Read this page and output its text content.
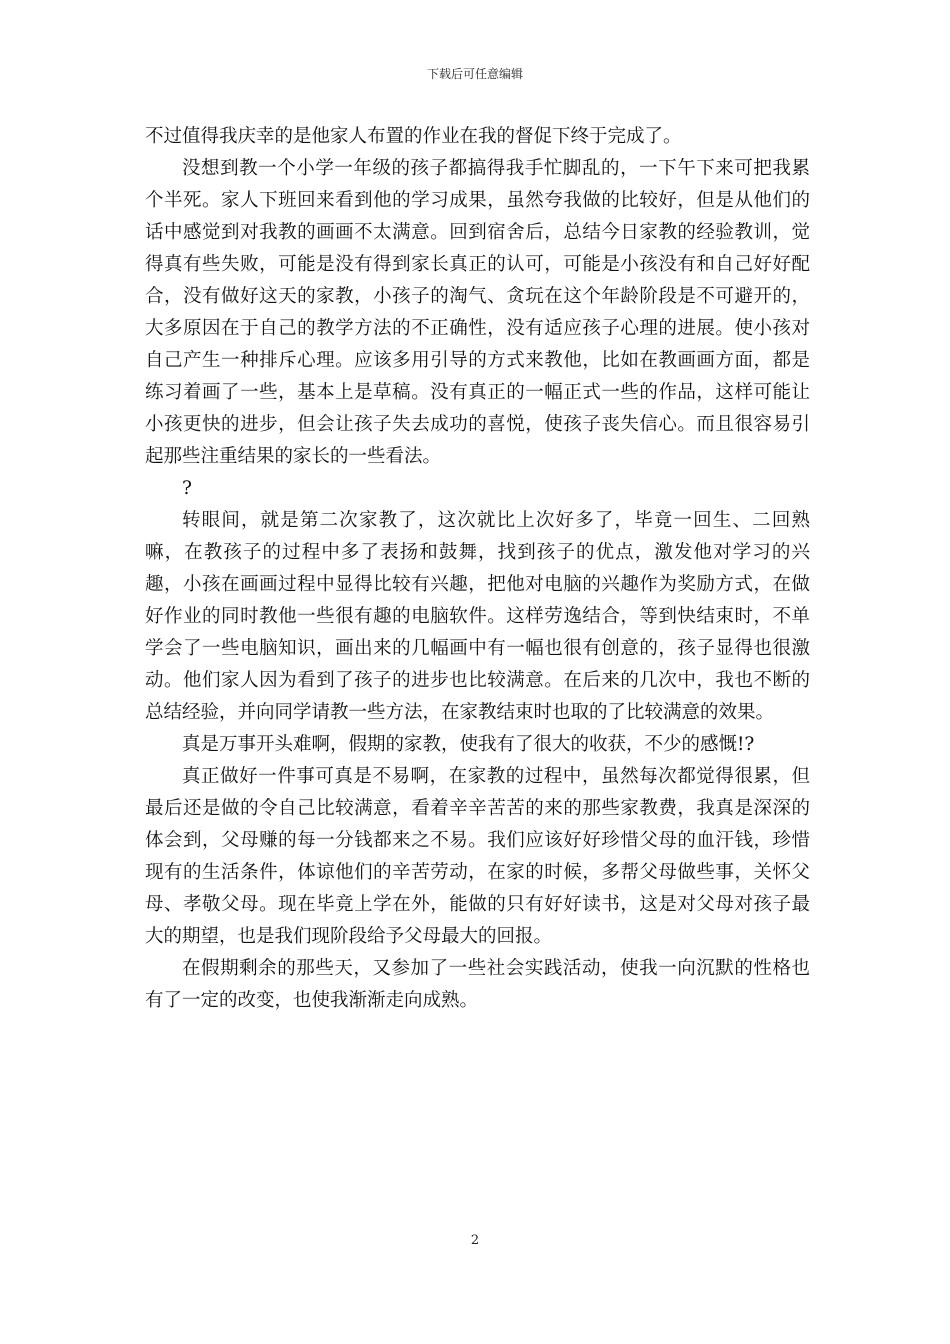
下载后可任意编辑

不过值得我庆幸的是他家人布置的作业在我的督促下终于完成了。

没想到教一个小学一年级的孩子都搞得我手忙脚乱的，一下午下来可把我累个半死。家人下班回来看到他的学习成果，虽然夸我做的比较好，但是从他们的话中感觉到对我教的画画不太满意。回到宿舍后，总结今日家教的经验教训，觉得真有些失败，可能是没有得到家长真正的认可，可能是小孩没有和自己好好配合，没有做好这天的家教，小孩子的淘气、贪玩在这个年龄阶段是不可避开的，大多原因在于自己的教学方法的不正确性，没有适应孩子心理的进展。使小孩对自己产生一种排斥心理。应该多用引导的方式来教他，比如在教画画方面，都是练习着画了一些，基本上是草稿。没有真正的一幅正式一些的作品，这样可能让小孩更快的进步，但会让孩子失去成功的喜悦，使孩子丧失信心。而且很容易引起那些注重结果的家长的一些看法。

?

转眼间，就是第二次家教了，这次就比上次好多了，毕竟一回生、二回熟嘛，在教孩子的过程中多了表扬和鼓舞，找到孩子的优点，激发他对学习的兴趣，小孩在画画过程中显得比较有兴趣，把他对电脑的兴趣作为奖励方式，在做好作业的同时教他一些很有趣的电脑软件。这样劳逸结合，等到快结束时，不单学会了一些电脑知识，画出来的几幅画中有一幅也很有创意的，孩子显得也很激动。他们家人因为看到了孩子的进步也比较满意。在后来的几次中，我也不断的总结经验，并向同学请教一些方法，在家教结束时也取的了比较满意的效果。

真是万事开头难啊，假期的家教，使我有了很大的收获，不少的感慨!?

真正做好一件事可真是不易啊，在家教的过程中，虽然每次都觉得很累，但最后还是做的令自己比较满意，看着辛辛苦苦的来的那些家教费，我真是深深的体会到，父母赚的每一分钱都来之不易。我们应该好好珍惜父母的血汗钱，珍惜现有的生活条件，体谅他们的辛苦劳动，在家的时候，多帮父母做些事，关怀父母、孝敬父母。现在毕竟上学在外，能做的只有好好读书，这是对父母对孩子最大的期望，也是我们现阶段给予父母最大的回报。

在假期剩余的那些天，又参加了一些社会实践活动，使我一向沉默的性格也有了一定的改变，也使我渐渐走向成熟。

2
